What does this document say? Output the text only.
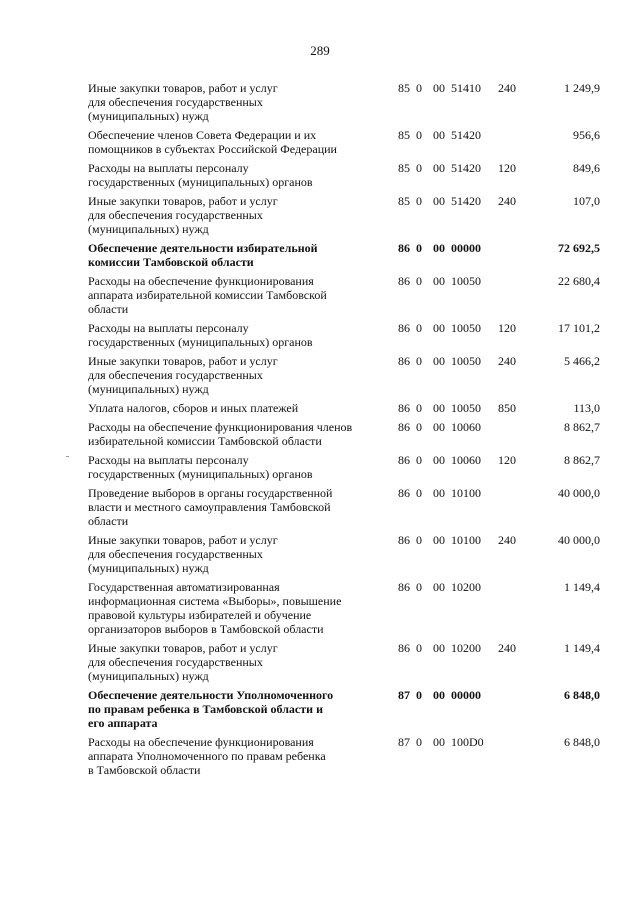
289
Иные закупки товаров, работ и услуг
для обеспечения государственных
(муниципальных) нужд
85 0 00  51410 240	1 249,9
Обеспечение членов Совета Федерации и их
помощников в субъектах Российской Федерации
85 0 00  51420	956,6
Расходы на выплаты персоналу
государственных (муниципальных) органов
85 0 00  51420 120	849,6
Иные закупки товаров, работ и услуг
для обеспечения государственных
(муниципальных) нужд
85 0 00  51420 240	107,0
Обеспечение деятельности избирательной
комиссии Тамбовской области
86 0 00  00000	72 692,5
Расходы на обеспечение функционирования
аппарата избирательной комиссии Тамбовской
области
86 0 00  10050	22 680,4
Расходы на выплаты персоналу
государственных (муниципальных) органов
86 0 00  10050 120	17 101,2
Иные закупки товаров, работ и услуг
для обеспечения государственных
(муниципальных) нужд
86 0 00  10050 240	5 466,2
Уплата налогов, сборов и иных платежей	86 0 00  10050 850	113,0
Расходы на обеспечение функционирования членов
избирательной комиссии Тамбовской области
86 0 00  10060	8 862,7
Расходы на выплаты персоналу
государственных (муниципальных) органов
86 0 00  10060 120	8 862,7
Проведение выборов в органы государственной
власти и местного самоуправления Тамбовской
области
86 0 00  10100	40 000,0
Иные закупки товаров, работ и услуг
для обеспечения государственных
(муниципальных) нужд
86 0 00  10100 240	40 000,0
Государственная автоматизированная
информационная система «Выборы», повышение
правовой культуры избирателей и обучение
организаторов выборов в Тамбовской области
86 0 00  10200	1 149,4
Иные закупки товаров, работ и услуг
для обеспечения государственных
(муниципальных) нужд
86 0 00  10200 240	1 149,4
Обеспечение деятельности Уполномоченного
по правам ребенка в Тамбовской области и
его аппарата
87 0 00  00000	6 848,0
Расходы на обеспечение функционирования
аппарата Уполномоченного по правам ребенка
в Тамбовской области
87 0 00  100D0	6 848,0
